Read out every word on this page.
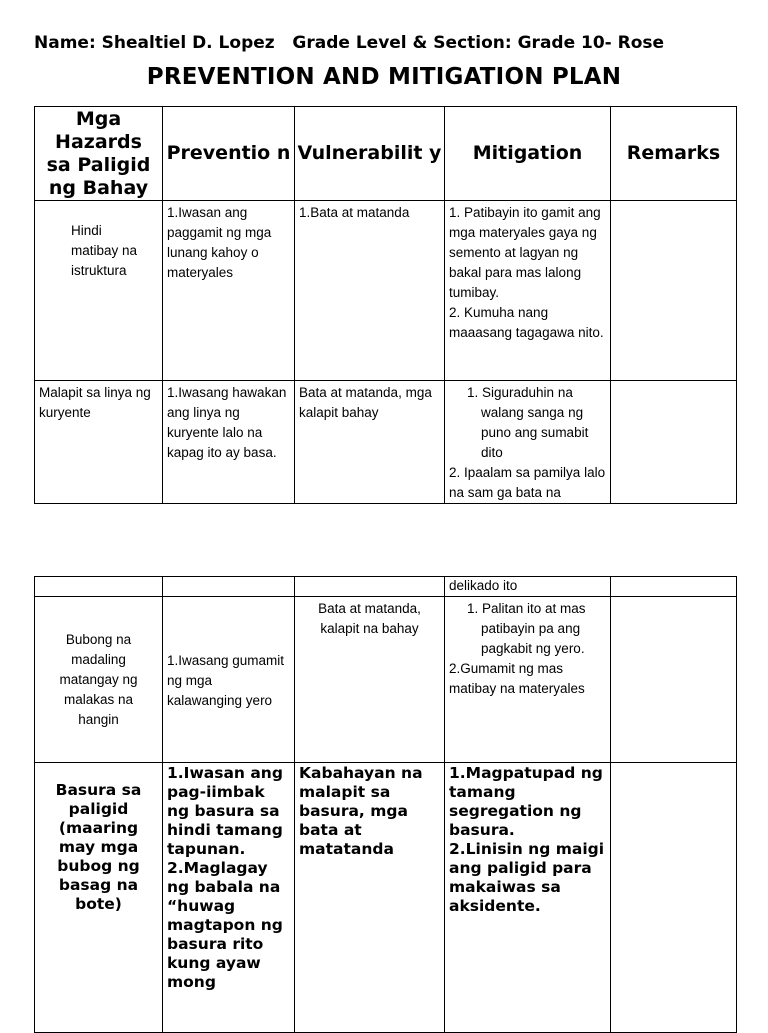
Name: Shealtiel D. Lopez   Grade Level & Section: Grade 10- Rose
PREVENTION AND MITIGATION PLAN
Mga Hazards sa Paligid ng Bahay	Preventio n	Vulnerabilit y	Mitigation	Remarks

Hindi matibay na istruktura	1.Iwasan ang paggamit ng mga lunang kahoy o materyales	1.Bata at matanda	1. Patibayin ito gamit ang mga materyales gaya ng semento at lagyan ng bakal para mas lalong tumibay.
2. Kumuha nang maaasang tagagawa nito.	

Malapit sa linya ng kuryente	1.Iwasang hawakan ang linya ng kuryente lalo na kapag ito ay basa.	Bata at matanda, mga kalapit bahay	1. Siguraduhin na walang sanga ng puno ang sumabit dito
2. Ipaalam sa pamilya lalo na sam ga bata na	

			delikado ito	
Bubong na madaling matangay ng malakas na hangin	1.Iwasang gumamit ng mga kalawanging yero	Bata at matanda, kalapit na bahay	1. Palitan ito at mas patibayin pa ang pagkabit ng yero.
2.Gumamit ng mas matibay na materyales	

Basura sa paligid (maaring may mga bubog ng basag na bote)	1.Iwasan ang pag-iimbak ng basura sa hindi tamang tapunan. 2.Maglagay ng babala na “huwag magtapon ng basura rito kung ayaw mong	Kabahayan na malapit sa basura, mga bata at matatanda	1.Magpatupad ng tamang segregation ng basura.
2.Linisin ng maigi ang paligid para makaiwas sa aksidente.	
